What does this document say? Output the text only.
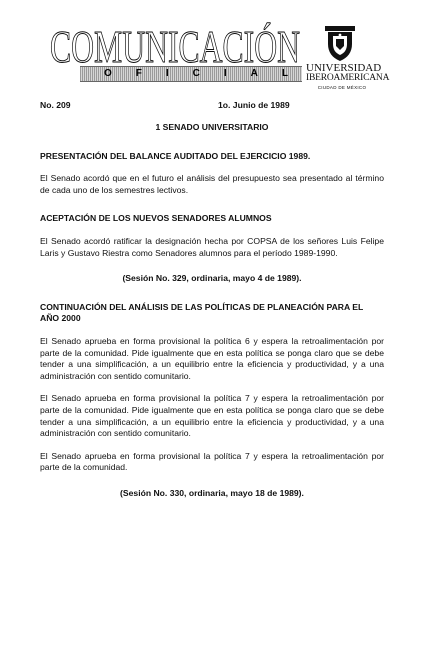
COMUNICACIÓN
OFICIAL
UNIVERSIDAD
IBEROAMERICANA
CIUDAD DE MÉXICO
No. 209	1o. Junio de 1989
1 SENADO UNIVERSITARIO
PRESENTACIÓN DEL BALANCE AUDITADO DEL EJERCICIO 1989.

El Senado acordó que en el futuro el análisis del presupuesto sea presentado al término de cada uno de los semestres lectivos.

ACEPTACIÓN DE LOS NUEVOS SENADORES ALUMNOS

El Senado acordó ratificar la designación hecha por COPSA de los señores Luis Felipe Laris y Gustavo Riestra como Senadores alumnos para el período 1989-1990.

(Sesión No. 329, ordinaria, mayo 4 de 1989).
CONTINUACIÓN DEL ANÁLISIS DE LAS POLÍTICAS DE PLANEACIÓN PARA EL AÑO 2000

El Senado aprueba en forma provisional la política 6 y espera la retroalimentación por parte de la comunidad. Pide igualmente que en esta política se ponga claro que se debe tender a una simplificación, a un equilibrio entre la eficiencia y productividad, y a una administración con sentido comunitario.

El Senado aprueba en forma provisional la política 7 y espera la retroalimentación por parte de la comunidad. Pide igualmente que en esta política se ponga claro que se debe tender a una simplificación, a un equilibrio entre la eficiencia y productividad, y a una administración con sentido comunitario.

El Senado aprueba en forma provisional la política 7 y espera la retroalimentación por parte de la comunidad.

(Sesión No. 330, ordinaria, mayo 18 de 1989).
